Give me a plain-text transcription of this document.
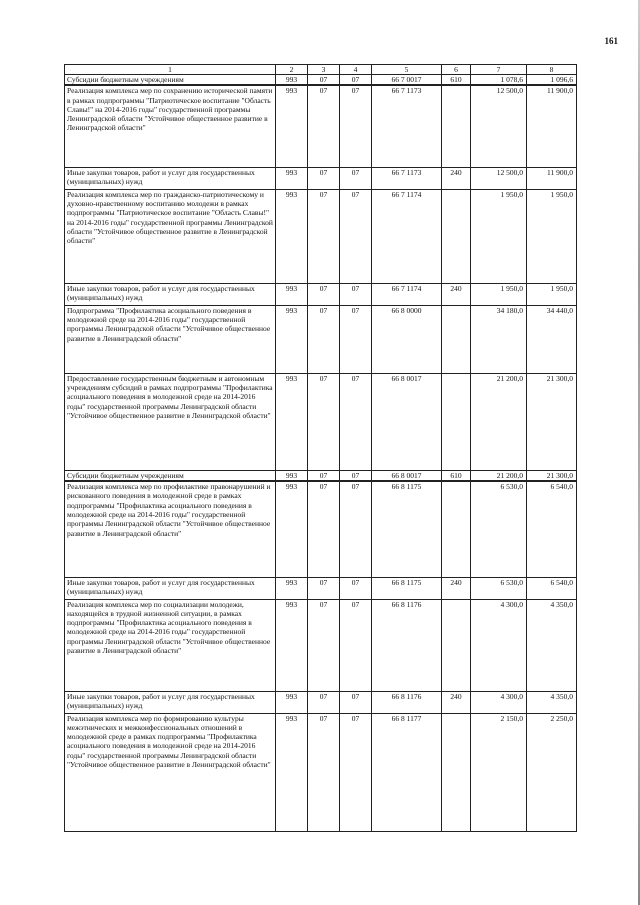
161
1	2	3	4	5	6	7	8
Субсидии бюджетным учреждениям	993	07	07	66 7 0017	610	1 078,6	1 096,6
Реализация комплекса мер по сохранению исторической памяти в рамках подпрограммы "Патриотическое воспитание "Область Славы!" на 2014-2016 годы" государственной программы Ленинградской области "Устойчивое общественное развитие в Ленинградской области"	993	07	07	66 7 1173		12 500,0	11 900,0
Иные закупки товаров, работ и услуг для государственных (муниципальных) нужд	993	07	07	66 7 1173	240	12 500,0	11 900,0
Реализация комплекса мер по гражданско-патриотическому и духовно-нравственному воспитанию молодежи в рамках подпрограммы "Патриотическое воспитание "Область Славы!" на 2014-2016 годы" государственной программы Ленинградской области "Устойчивое общественное развитие в Ленинградской области"	993	07	07	66 7 1174		1 950,0	1 950,0
Иные закупки товаров, работ и услуг для государственных (муниципальных) нужд	993	07	07	66 7 1174	240	1 950,0	1 950,0
Подпрограмма "Профилактика асоциального поведения в молодежной среде на 2014-2016 годы" государственной программы Ленинградской области "Устойчивое общественное развитие в Ленинградской области"	993	07	07	66 8 0000		34 180,0	34 440,0
Предоставление государственным бюджетным и автономным учреждениям субсидий в рамках подпрограммы "Профилактика асоциального поведения в молодежной среде на 2014-2016 годы" государственной программы Ленинградской области "Устойчивое общественное развитие в Ленинградской области"	993	07	07	66 8 0017		21 200,0	21 300,0
Субсидии бюджетным учреждениям	993	07	07	66 8 0017	610	21 200,0	21 300,0
Реализация комплекса мер по профилактике правонарушений и рискованного поведения в молодежной среде в рамках подпрограммы "Профилактика асоциального поведения в молодежной среде на 2014-2016 годы" государственной программы Ленинградской области "Устойчивое общественное развитие в Ленинградской области"	993	07	07	66 8 1175		6 530,0	6 540,0
Иные закупки товаров, работ и услуг для государственных (муниципальных) нужд	993	07	07	66 8 1175	240	6 530,0	6 540,0
Реализация комплекса мер по социализации молодежи, находящейся в трудной жизненной ситуации, в рамках подпрограммы "Профилактика асоциального поведения в молодежной среде на 2014-2016 годы" государственной программы Ленинградской области "Устойчивое общественное развитие в Ленинградской области"	993	07	07	66 8 1176		4 300,0	4 350,0
Иные закупки товаров, работ и услуг для государственных (муниципальных) нужд	993	07	07	66 8 1176	240	4 300,0	4 350,0
Реализация комплекса мер по формированию культуры межэтнических и межконфессиональных отношений в молодежной среде в рамках подпрограммы "Профилактика асоциального поведения в молодежной среде на 2014-2016 годы" государственной программы Ленинградской области "Устойчивое общественное развитие в Ленинградской области"	993	07	07	66 8 1177		2 150,0	2 250,0
